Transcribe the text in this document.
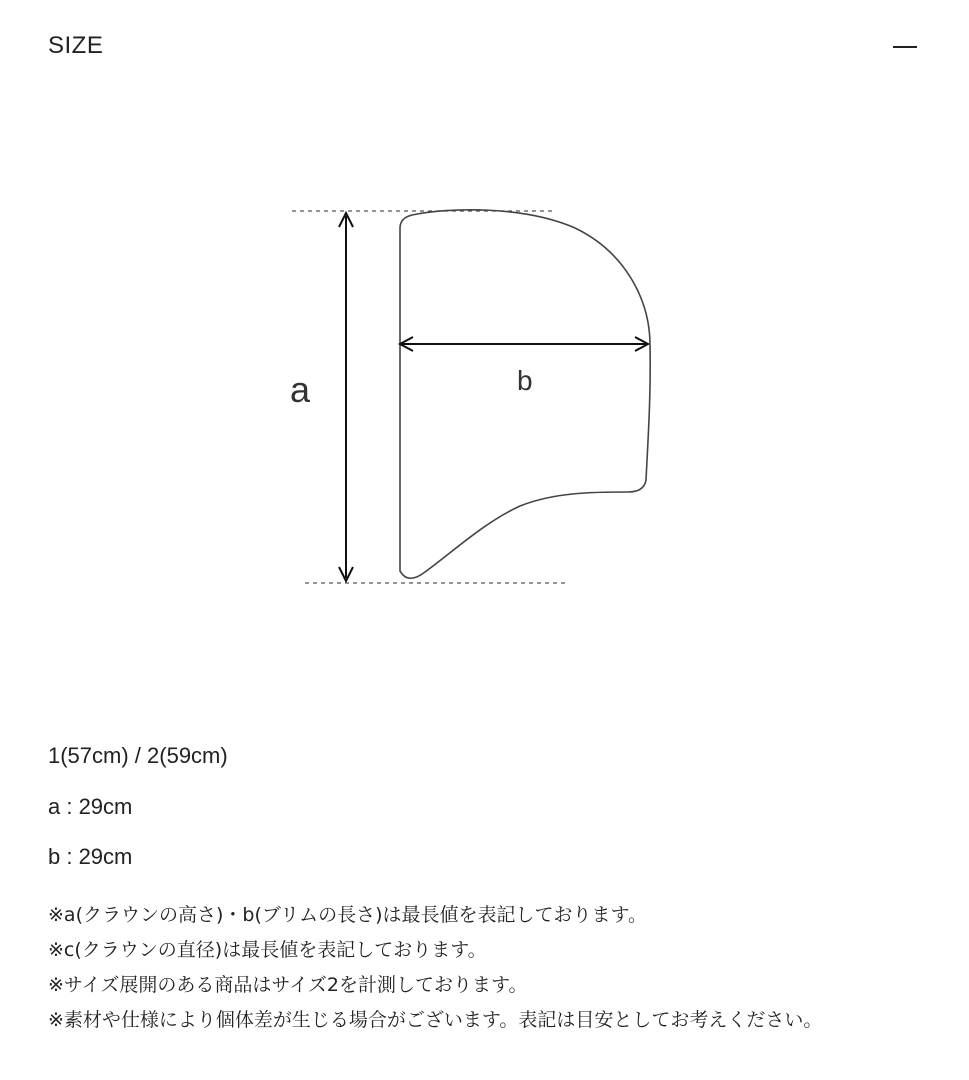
SIZE
a	b
1(57cm) / 2(59cm)
a : 29cm
b : 29cm
※a(クラウンの高さ)・b(ブリムの長さ)は最長値を表記しております。
※c(クラウンの直径)は最長値を表記しております。
※サイズ展開のある商品はサイズ2を計測しております。
※素材や仕様により個体差が生じる場合がございます。表記は目安としてお考えください。
